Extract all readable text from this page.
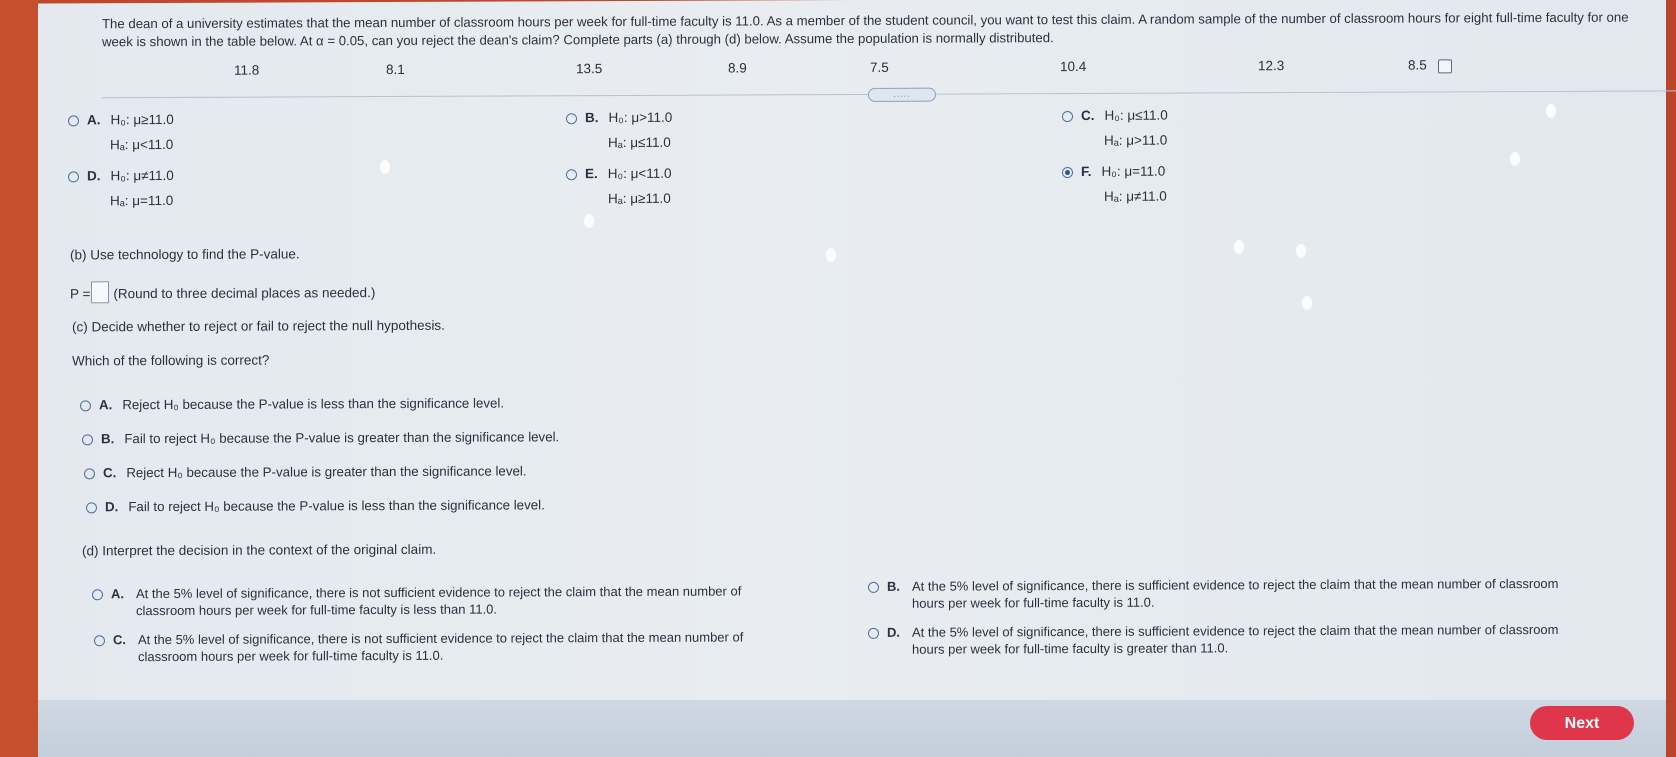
The dean of a university estimates that the mean number of classroom hours per week for full-time faculty is 11.0. As a member of the student council, you want to test this claim. A random sample of the number of classroom hours for eight full-time faculty for one week is shown in the table below. At α = 0.05, can you reject the dean's claim? Complete parts (a) through (d) below. Assume the population is normally distributed.
11.8	8.1	13.5	8.9	7.5	10.4	12.3	8.5
.....
A. H₀: μ≥11.0
Hₐ: μ<11.0
B. H₀: μ>11.0
Hₐ: μ≤11.0
C. H₀: μ≤11.0
Hₐ: μ>11.0
D. H₀: μ≠11.0
Hₐ: μ=11.0
E. H₀: μ<11.0
Hₐ: μ≥11.0
F. H₀: μ=11.0
Hₐ: μ≠11.0
(b) Use technology to find the P-value.
P = (Round to three decimal places as needed.)
(c) Decide whether to reject or fail to reject the null hypothesis.
Which of the following is correct?
A. Reject H₀ because the P-value is less than the significance level.
B. Fail to reject H₀ because the P-value is greater than the significance level.
C. Reject H₀ because the P-value is greater than the significance level.
D. Fail to reject H₀ because the P-value is less than the significance level.
(d) Interpret the decision in the context of the original claim.
A. At the 5% level of significance, there is not sufficient evidence to reject the claim that the mean number of
classroom hours per week for full-time faculty is less than 11.0.
B. At the 5% level of significance, there is sufficient evidence to reject the claim that the mean number of classroom
hours per week for full-time faculty is 11.0.
C. At the 5% level of significance, there is not sufficient evidence to reject the claim that the mean number of
classroom hours per week for full-time faculty is 11.0.
D. At the 5% level of significance, there is sufficient evidence to reject the claim that the mean number of classroom
hours per week for full-time faculty is greater than 11.0.
Next
